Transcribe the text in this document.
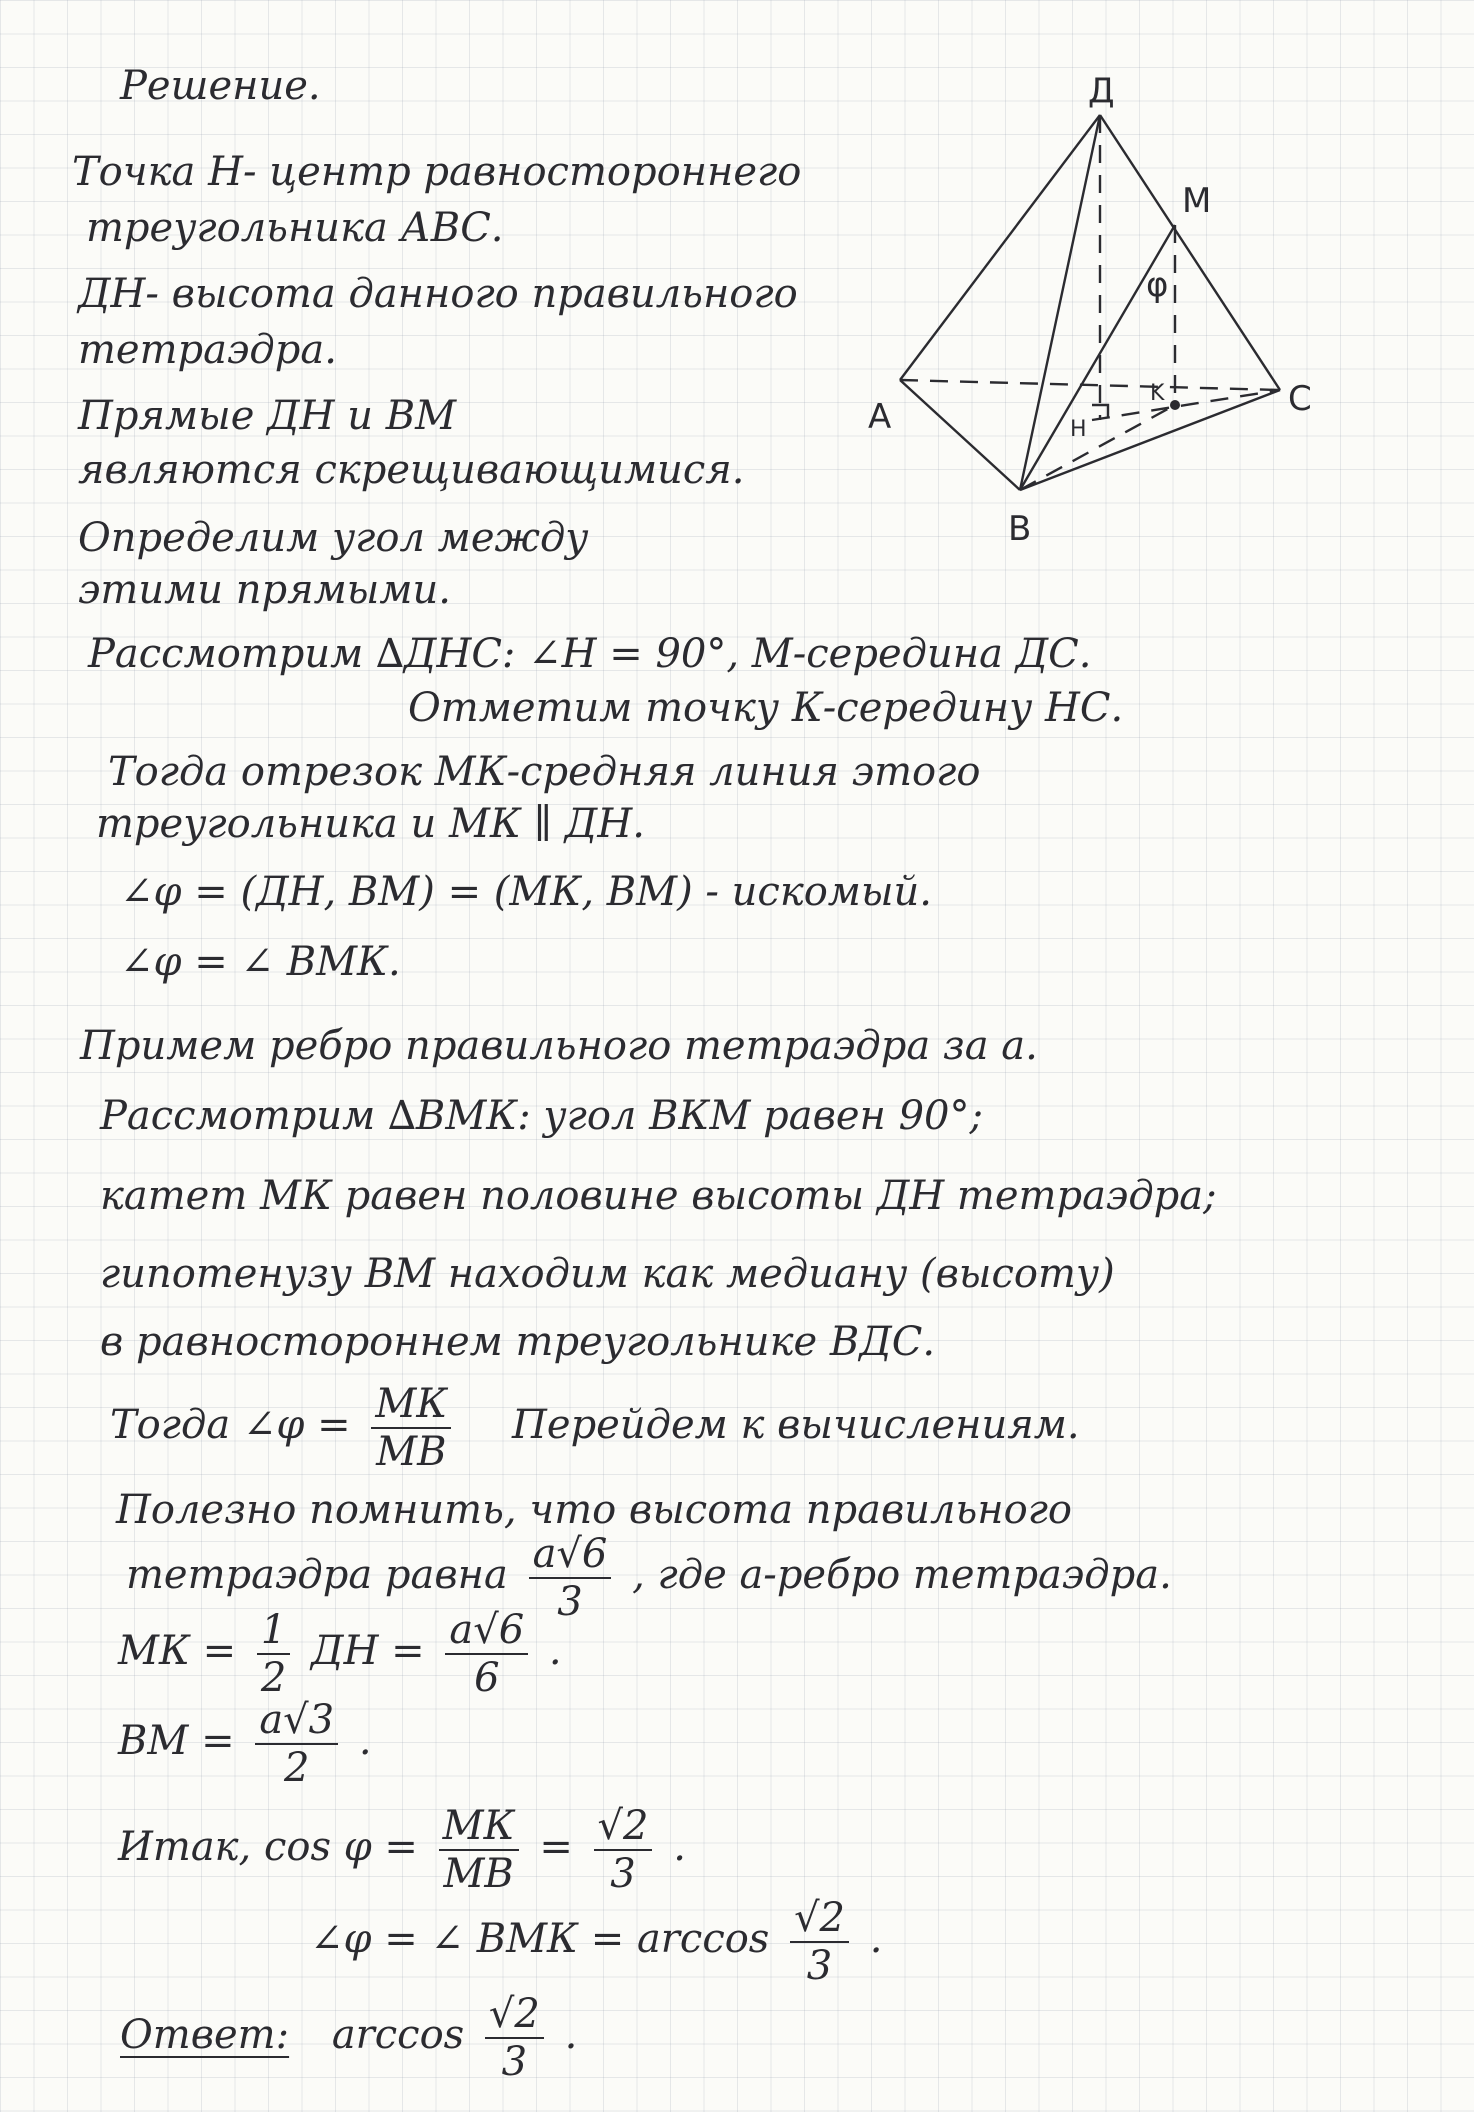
Решение.
Точка Н- центр равностороннего
треугольника АВС.
ДН- высота данного правильного
тетраэдра.
Прямые ДН и ВМ
являются скрещивающимися.
Определим угол между
этими прямыми.
Рассмотрим ∆ДНС: ∠Н = 90°, М-середина ДС.
Отметим точку К-середину НС.
Тогда отрезок МК-средняя линия этого
треугольника и МК ∥ ДН.
∠φ = (ДН, ВМ) = (МК, ВМ) - искомый.
∠φ = ∠ ВМК.
Примем ребро правильного тетраэдра за а.
Рассмотрим ∆ВМК: угол ВКМ равен 90°;
катет МК равен половине высоты ДН тетраэдра;
гипотенузу ВМ находим как медиану (высоту)
в равностороннем треугольнике ВДС.
Тогда ∠φ = МК
МВ
Перейдем к вычислениям.
Полезно помнить, что высота правильного
тетраэдра равна $\frac{a√6}{3}$ , где а-ребро тетраэдра.
МК = $\frac{1}{2}$ ДН = $\frac{a√6}{6}$ .
ВМ = $\frac{a√3}{2}$ .
Итак, cos φ = МК
МВ
= $\frac{√2}{3}$ .
∠φ = ∠ ВМК = $\arccos \frac{√2}{3}$ .
Ответ: $\arccos \frac{√2}{3}$ .
Д
M
A	C
B
H
K
φ
